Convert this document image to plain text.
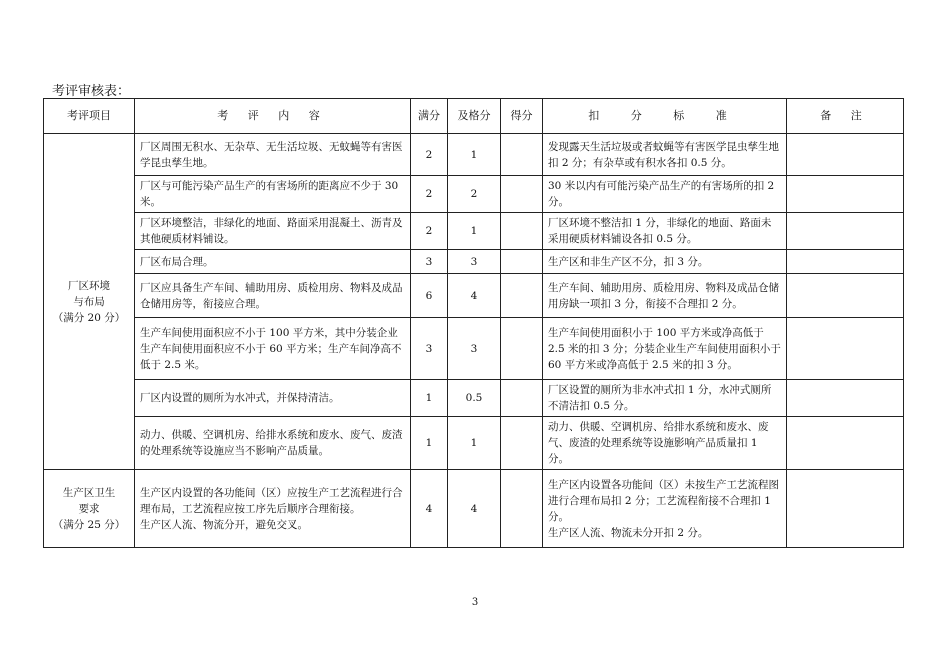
考评审核表：
考评项目	考 评 内 容	满分	及格分	得分	扣 分 标 准	备 注

厂区环境
与布局
（满分 20 分）	厂区周围无积水、无杂草、无生活垃圾、无蚊蝇等有害医学昆虫孳生地。	2	1		发现露天生活垃圾或者蚊蝇等有害医学昆虫孳生地扣 2 分；有杂草或有积水各扣 0.5 分。	
	厂区与可能污染产品生产的有害场所的距离应不少于 30 米。	2	2		30 米以内有可能污染产品生产的有害场所的扣 2 分。	
	厂区环境整洁，非绿化的地面、路面采用混凝土、沥青及其他硬质材料铺设。	2	1		厂区环境不整洁扣 1 分，非绿化的地面、路面未采用硬质材料铺设各扣 0.5 分。	
	厂区布局合理。	3	3		生产区和非生产区不分，扣 3 分。	
	厂区应具备生产车间、辅助用房、质检用房、物料及成品仓储用房等，衔接应合理。	6	4		生产车间、辅助用房、质检用房、物料及成品仓储用房缺一项扣 3 分，衔接不合理扣 2 分。	
	生产车间使用面积应不小于 100 平方米，其中分装企业生产车间使用面积应不小于 60 平方米；生产车间净高不低于 2.5 米。	3	3		生产车间使用面积小于 100 平方米或净高低于 2.5 米的扣 3 分；分装企业生产车间使用面积小于 60 平方米或净高低于 2.5 米的扣 3 分。	
	厂区内设置的厕所为水冲式，并保持清洁。	1	0.5		厂区设置的厕所为非水冲式扣 1 分，水冲式厕所不清洁扣 0.5 分。	
	动力、供暖、空调机房、给排水系统和废水、废气、废渣的处理系统等设施应当不影响产品质量。	1	1		动力、供暖、空调机房、给排水系统和废水、废气、废渣的处理系统等设施影响产品质量扣 1 分。	

生产区卫生
要求
（满分 25 分）	生产区内设置的各功能间（区）应按生产工艺流程进行合理布局，工艺流程应按工序先后顺序合理衔接。
生产区人流、物流分开，避免交叉。	4	4		生产区内设置各功能间（区）未按生产工艺流程图进行合理布局扣 2 分；工艺流程衔接不合理扣 1 分。
生产区人流、物流未分开扣 2 分。	

3
